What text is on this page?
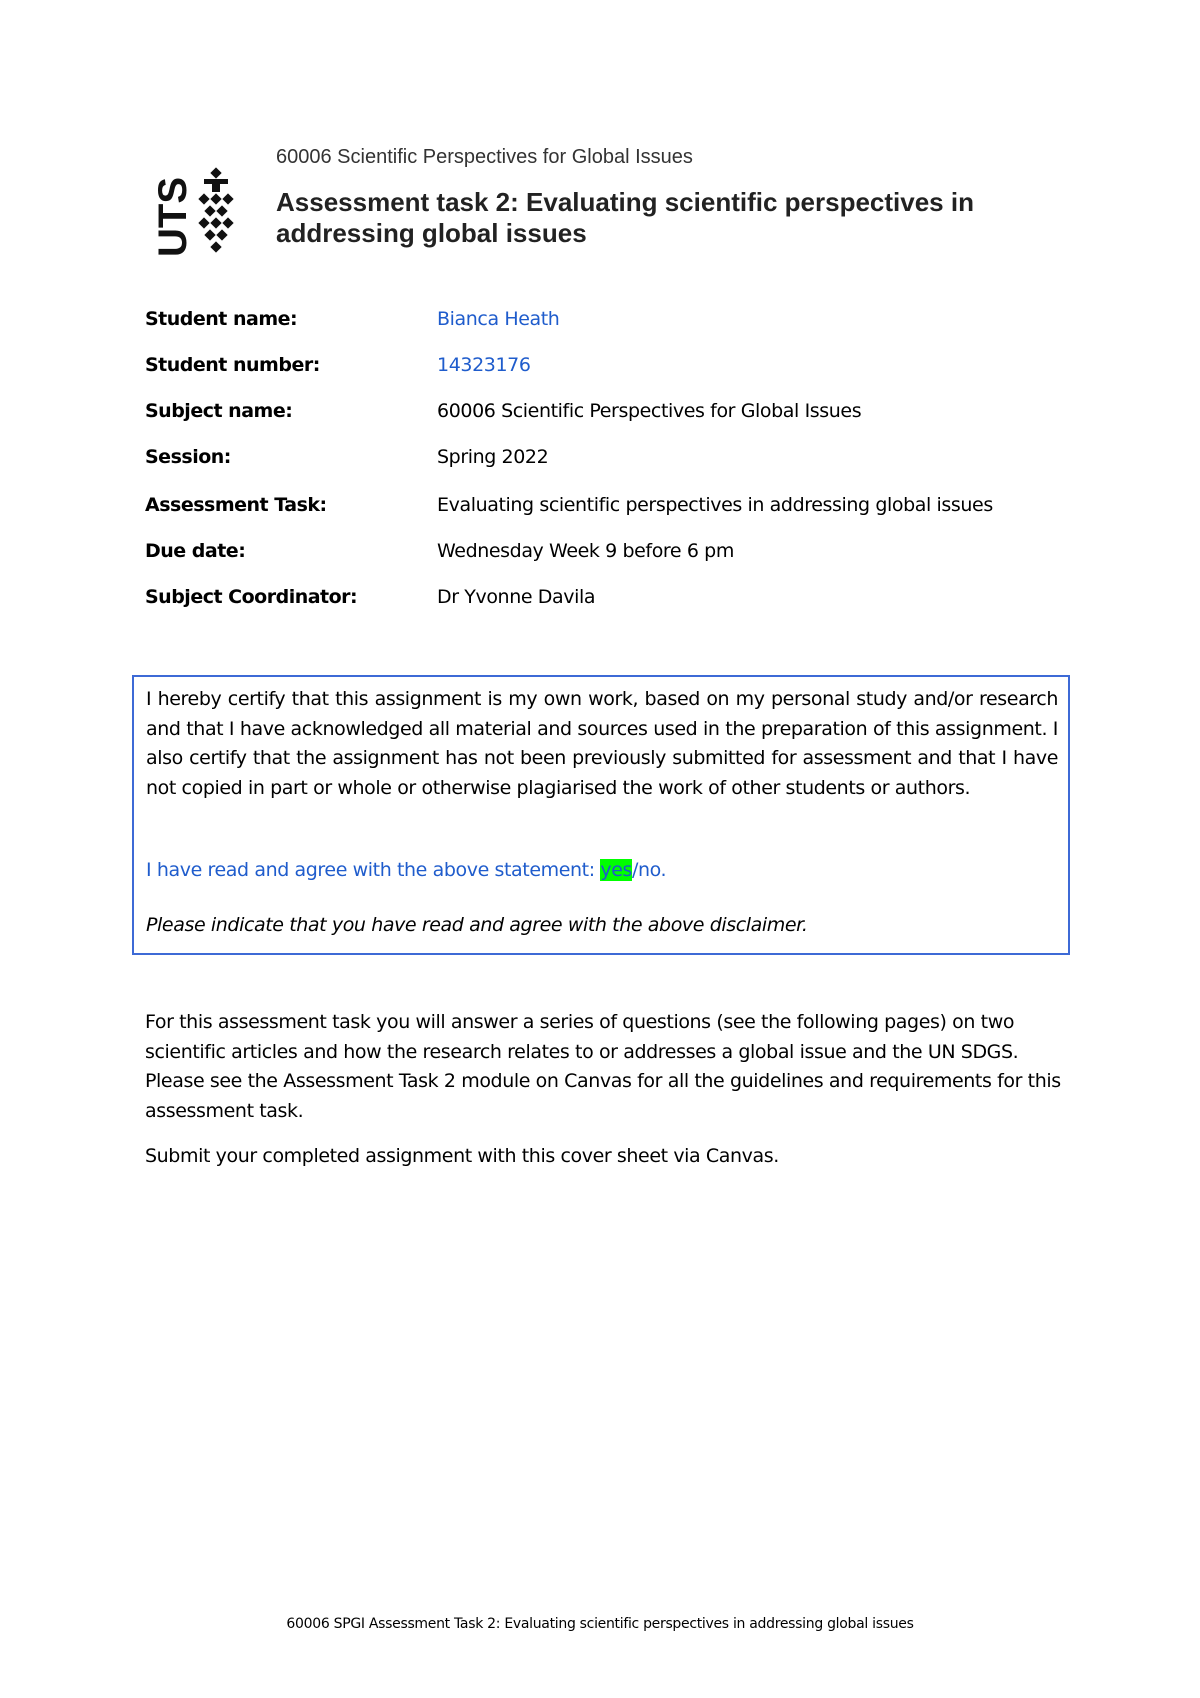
UTS
60006 Scientific Perspectives for Global Issues
Assessment task 2: Evaluating scientific perspectives in addressing global issues
Student name:	Bianca Heath
Student number:	14323176
Subject name:	60006 Scientific Perspectives for Global Issues
Session:	Spring 2022
Assessment Task:	Evaluating scientific perspectives in addressing global issues
Due date:	Wednesday Week 9 before 6 pm
Subject Coordinator:	Dr Yvonne Davila
I hereby certify that this assignment is my own work, based on my personal study and/or research and that I have acknowledged all material and sources used in the preparation of this assignment. I also certify that the assignment has not been previously submitted for assessment and that I have not copied in part or whole or otherwise plagiarised the work of other students or authors.
I have read and agree with the above statement: yes/no.
Please indicate that you have read and agree with the above disclaimer.
For this assessment task you will answer a series of questions (see the following pages) on two scientific articles and how the research relates to or addresses a global issue and the UN SDGS. Please see the Assessment Task 2 module on Canvas for all the guidelines and requirements for this assessment task.
Submit your completed assignment with this cover sheet via Canvas.
60006 SPGI Assessment Task 2: Evaluating scientific perspectives in addressing global issues
